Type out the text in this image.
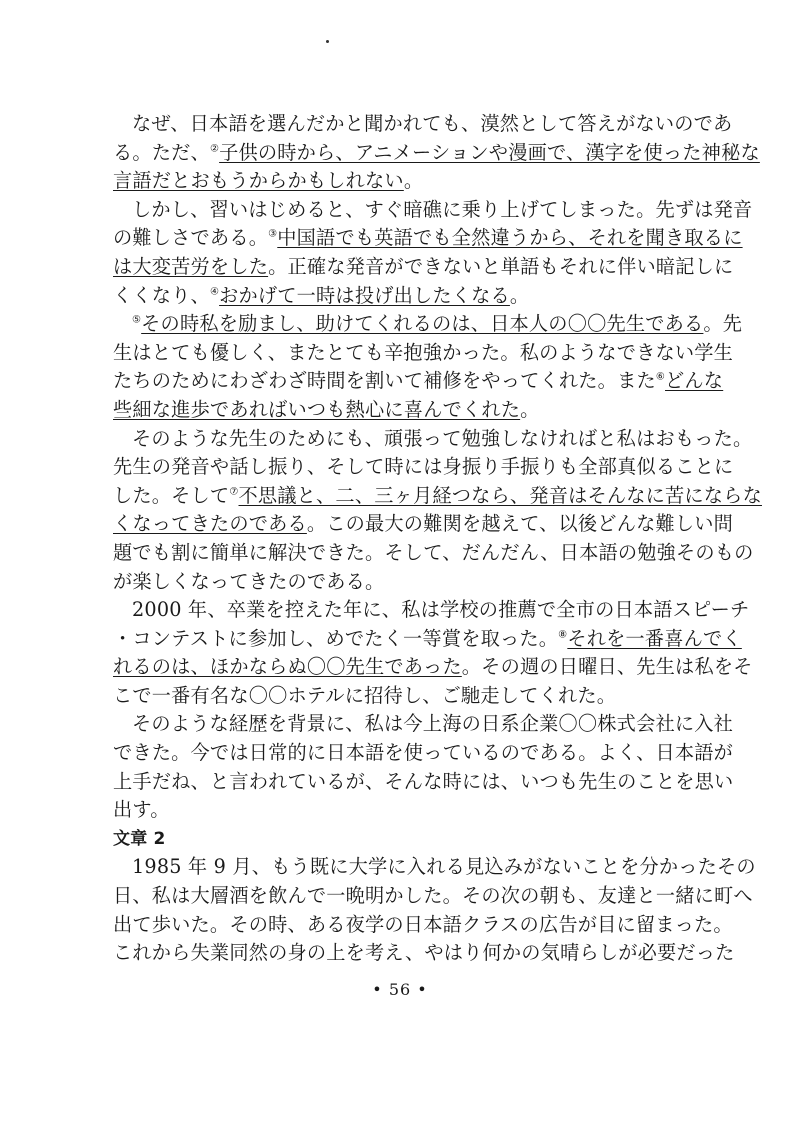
なぜ、日本語を選んだかと聞かれても、漠然として答えがないのであ
る。ただ、②子供の時から、アニメーションや漫画で、漢字を使った神秘な
言語だとおもうからかもしれない。
しかし、習いはじめると、すぐ暗礁に乗り上げてしまった。先ずは発音
の難しさである。③中国語でも英語でも全然違うから、それを聞き取るに
は大変苦労をした。正確な発音ができないと単語もそれに伴い暗記しに
くくなり、④おかげて一時は投げ出したくなる。
⑤その時私を励まし、助けてくれるのは、日本人の〇〇先生である。先
生はとても優しく、またとても辛抱強かった。私のようなできない学生
たちのためにわざわざ時間を割いて補修をやってくれた。また⑥どんな
些細な進歩であればいつも熱心に喜んでくれた。
そのような先生のためにも、頑張って勉強しなければと私はおもった。
先生の発音や話し振り、そして時には身振り手振りも全部真似ることに
した。そして⑦不思議と、二、三ヶ月経つなら、発音はそんなに苦にならな
くなってきたのである。この最大の難関を越えて、以後どんな難しい問
題でも割に簡単に解決できた。そして、だんだん、日本語の勉強そのもの
が楽しくなってきたのである。
2000 年、卒業を控えた年に、私は学校の推薦で全市の日本語スピーチ
・コンテストに参加し、めでたく一等賞を取った。⑧それを一番喜んでく
れるのは、ほかならぬ〇〇先生であった。その週の日曜日、先生は私をそ
こで一番有名な〇〇ホテルに招待し、ご馳走してくれた。
そのような経歴を背景に、私は今上海の日系企業〇〇株式会社に入社
できた。今では日常的に日本語を使っているのである。よく、日本語が
上手だね、と言われているが、そんな時には、いつも先生のことを思い
出す。
文章 2
1985 年 9 月、もう既に大学に入れる見込みがないことを分かったその
日、私は大層酒を飲んで一晩明かした。その次の朝も、友達と一緒に町へ
出て歩いた。その時、ある夜学の日本語クラスの広告が目に留まった。
これから失業同然の身の上を考え、やはり何かの気晴らしが必要だった
• 56 •
